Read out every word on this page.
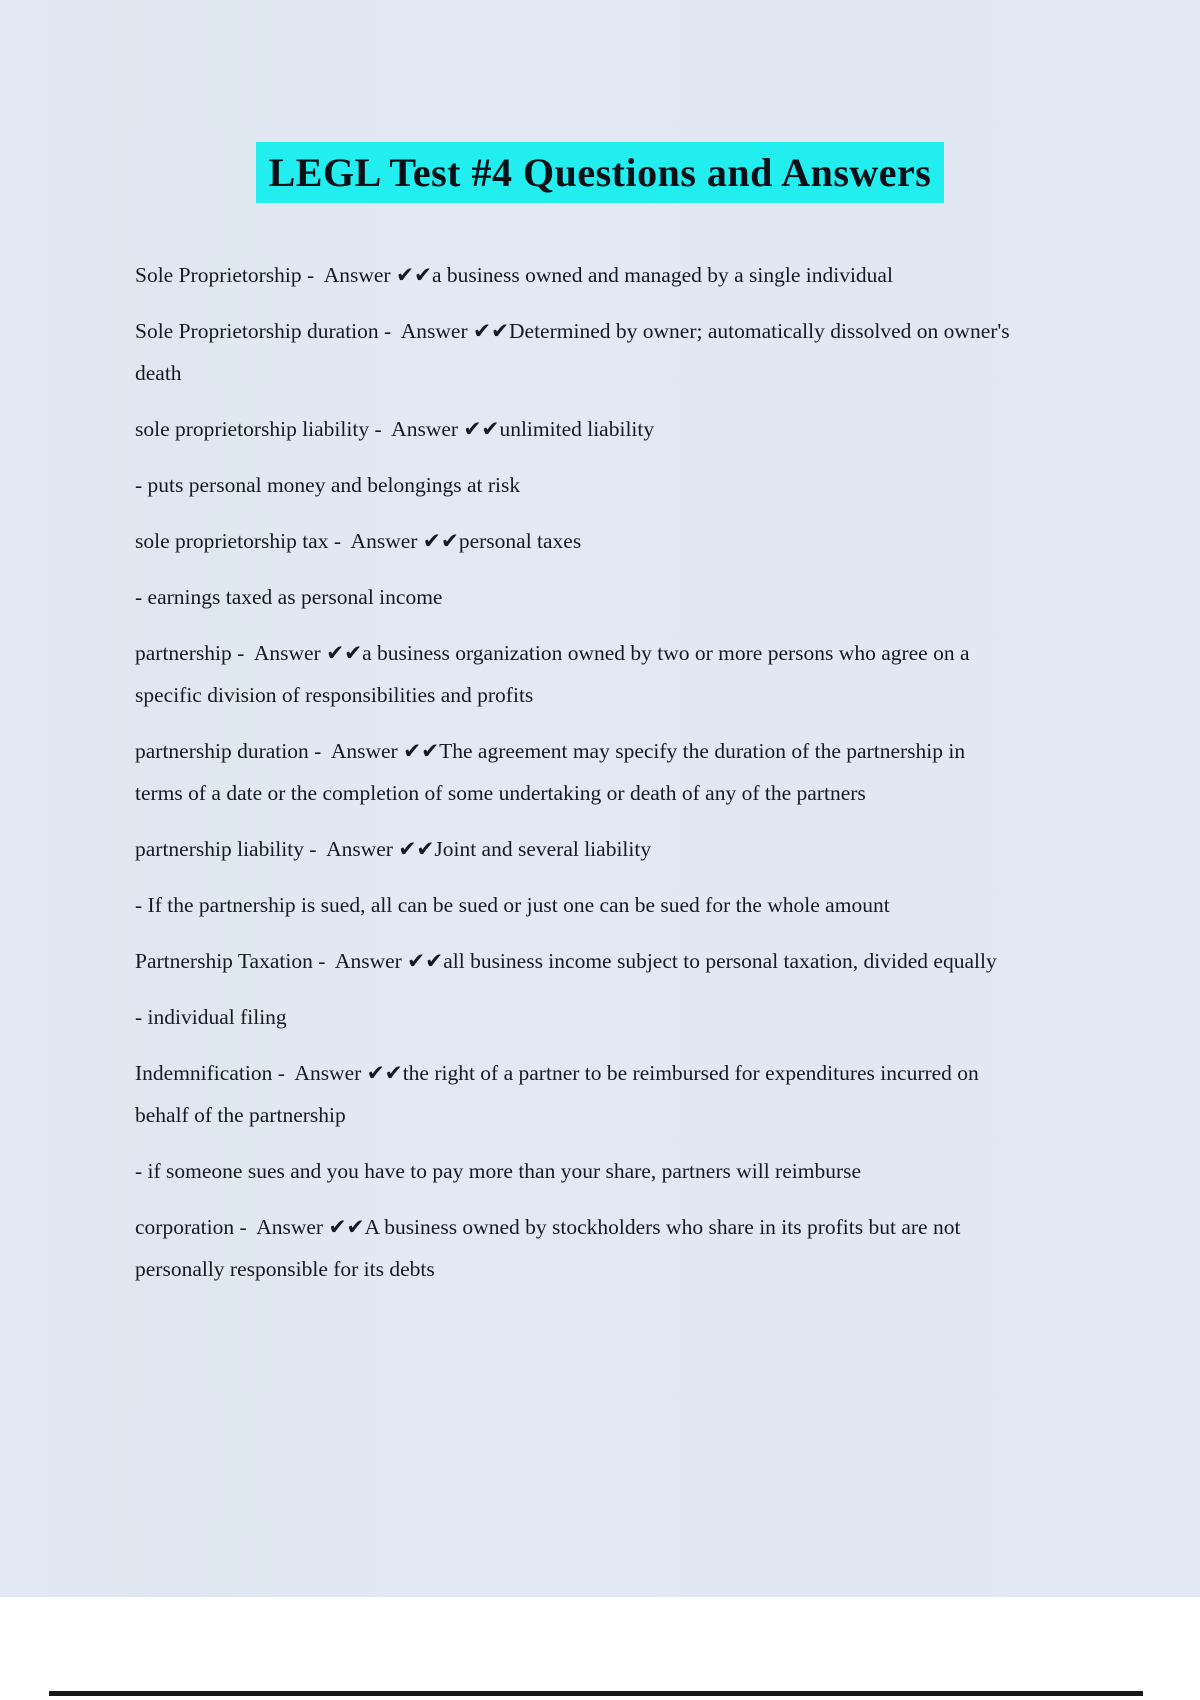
LEGL Test #4 Questions and Answers

Sole Proprietorship -  Answer ✔✔a business owned and managed by a single individual

Sole Proprietorship duration -  Answer ✔✔Determined by owner; automatically dissolved on owner's death

sole proprietorship liability -  Answer ✔✔unlimited liability

- puts personal money and belongings at risk

sole proprietorship tax -  Answer ✔✔personal taxes

- earnings taxed as personal income

partnership -  Answer ✔✔a business organization owned by two or more persons who agree on a specific division of responsibilities and profits

partnership duration -  Answer ✔✔The agreement may specify the duration of the partnership in terms of a date or the completion of some undertaking or death of any of the partners

partnership liability -  Answer ✔✔Joint and several liability

- If the partnership is sued, all can be sued or just one can be sued for the whole amount

Partnership Taxation -  Answer ✔✔all business income subject to personal taxation, divided equally

- individual filing

Indemnification -  Answer ✔✔the right of a partner to be reimbursed for expenditures incurred on behalf of the partnership

- if someone sues and you have to pay more than your share, partners will reimburse

corporation -  Answer ✔✔A business owned by stockholders who share in its profits but are not personally responsible for its debts
